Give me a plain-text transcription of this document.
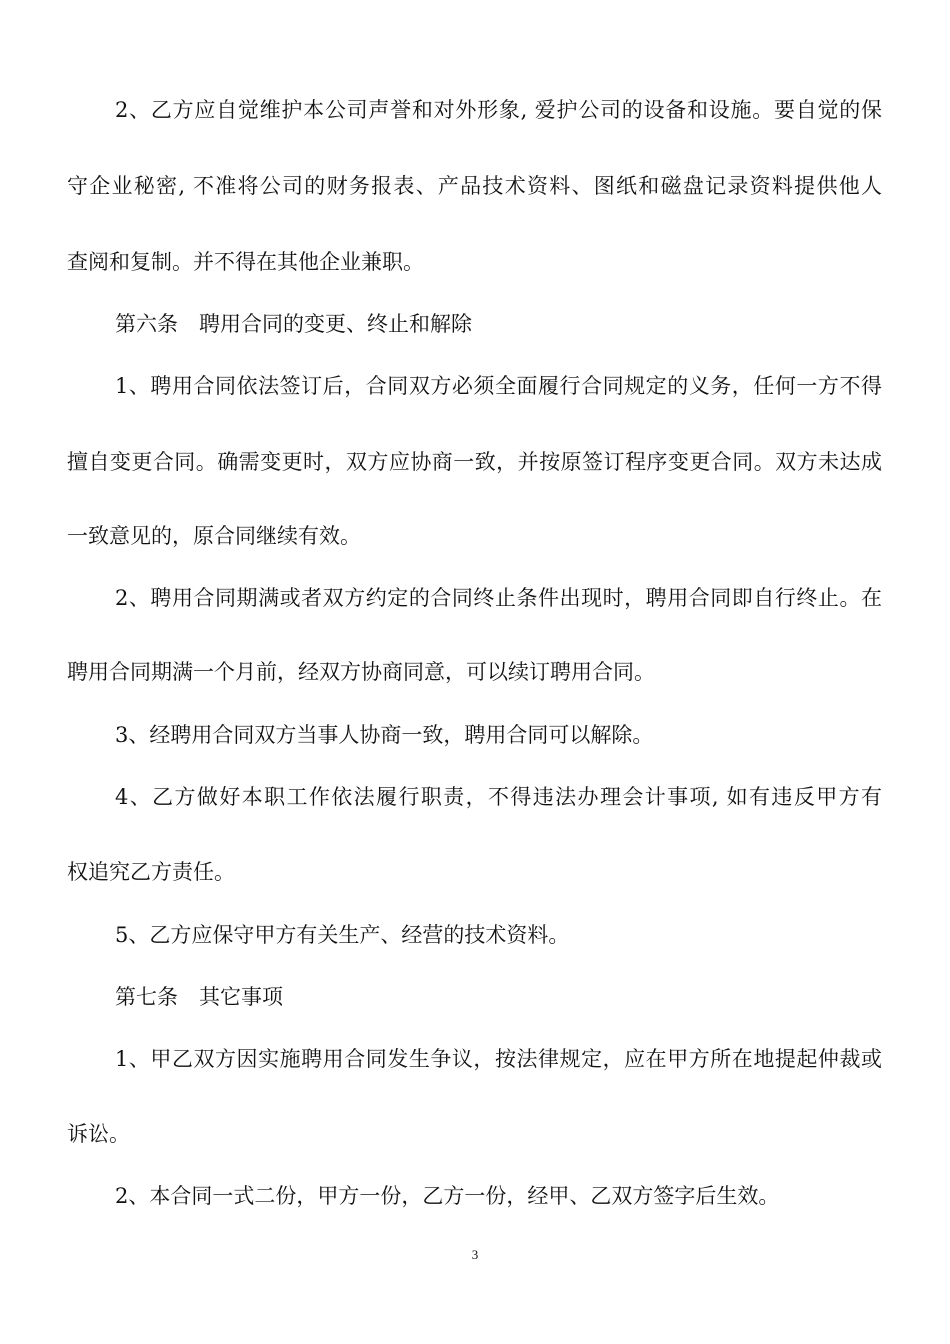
2、乙方应自觉维护本公司声誉和对外形象, 爱护公司的设备和设施。要自觉的保
守企业秘密, 不准将公司的财务报表、产品技术资料、图纸和磁盘记录资料提供他人
查阅和复制。并不得在其他企业兼职。
第六条　聘用合同的变更、终止和解除
1、聘用合同依法签订后，合同双方必须全面履行合同规定的义务，任何一方不得
擅自变更合同。确需变更时，双方应协商一致，并按原签订程序变更合同。双方未达成
一致意见的，原合同继续有效。
2、聘用合同期满或者双方约定的合同终止条件出现时，聘用合同即自行终止。在
聘用合同期满一个月前，经双方协商同意，可以续订聘用合同。
3、经聘用合同双方当事人协商一致，聘用合同可以解除。
4、乙方做好本职工作依法履行职责，不得违法办理会计事项, 如有违反甲方有
权追究乙方责任。
5、乙方应保守甲方有关生产、经营的技术资料。
第七条　其它事项
1、甲乙双方因实施聘用合同发生争议，按法律规定，应在甲方所在地提起仲裁或
诉讼。
2、本合同一式二份，甲方一份，乙方一份，经甲、乙双方签字后生效。
3
